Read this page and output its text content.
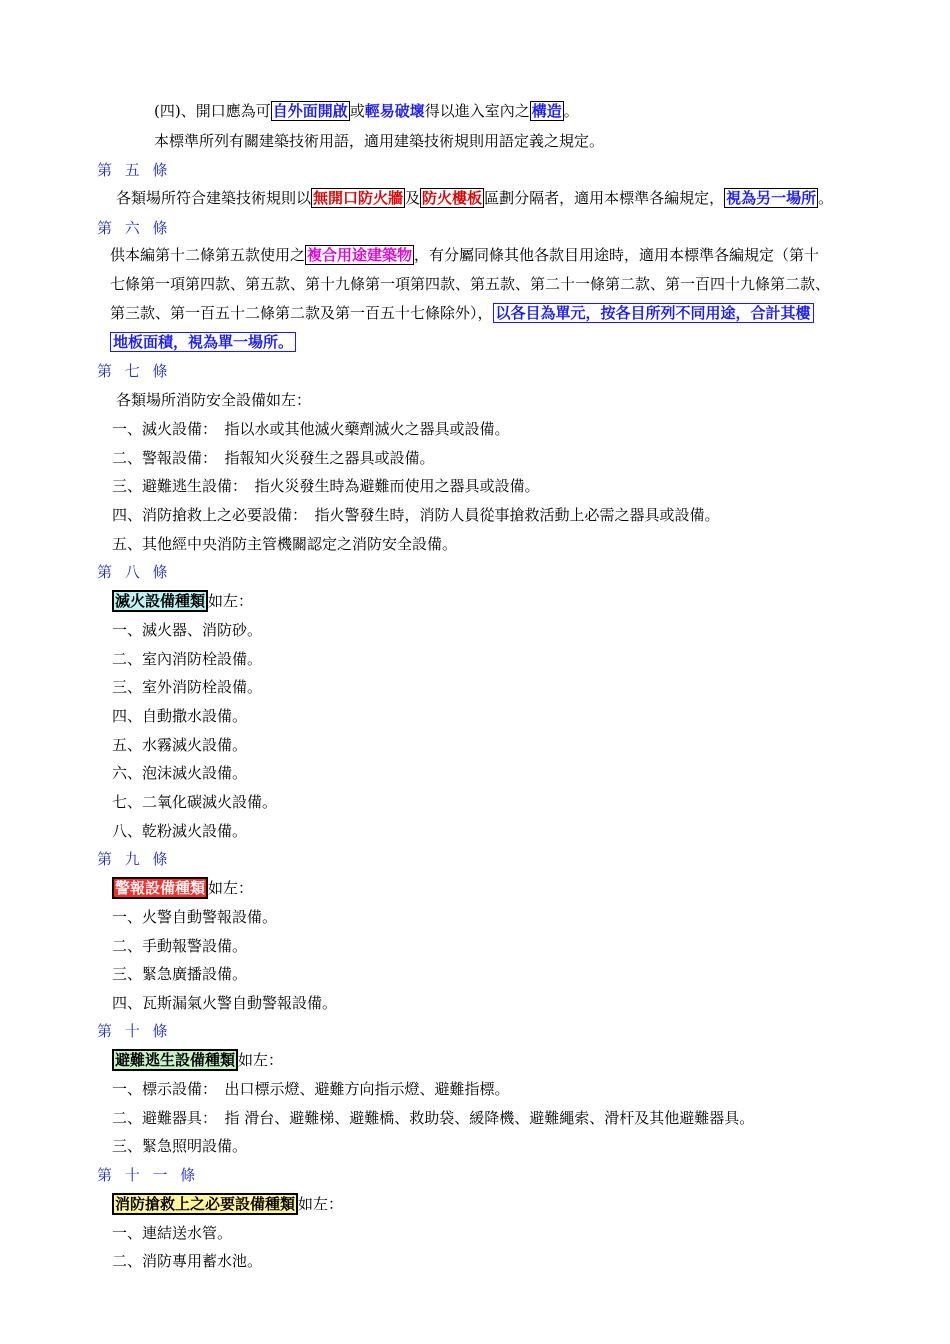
(四)、開口應為可 自外面開啟 或輕易破壞得以進入室內之 構造 。
本標準所列有關建築技術用語，適用建築技術規則用語定義之規定。
第 五 條
各類場所符合建築技術規則以 無開口防火牆 及 防火樓板 區劃分隔者，適用本標準各編規定， 視為另一場所 。
第 六 條
供本編第十二條第五款使用之 複合用途建築物 ，有分屬同條其他各款目用途時，適用本標準各編規定（第十
七條第一項第四款、第五款、第十九條第一項第四款、第五款、第二十一條第二款、第一百四十九條第二款、
第三款、第一百五十二條第二款及第一百五十七條除外）， 以各目為單元，按各目所列不同用途，合計其樓
地板面積，視為單一場所。
第 七 條
各類場所消防安全設備如左：
一、滅火設備：　指以水或其他滅火藥劑滅火之器具或設備。
二、警報設備：　指報知火災發生之器具或設備。
三、避難逃生設備：　指火災發生時為避難而使用之器具或設備。
四、消防搶救上之必要設備：　指火警發生時，消防人員從事搶救活動上必需之器具或設備。
五、其他經中央消防主管機關認定之消防安全設備。
第 八 條
滅火設備種類 如左：
一、滅火器、消防砂。
二、室內消防栓設備。
三、室外消防栓設備。
四、自動撒水設備。
五、水霧滅火設備。
六、泡沫滅火設備。
七、二氧化碳滅火設備。
八、乾粉滅火設備。
第 九 條
警報設備種類 如左：
一、火警自動警報設備。
二、手動報警設備。
三、緊急廣播設備。
四、瓦斯漏氣火警自動警報設備。
第 十 條
避難逃生設備種類 如左：
一、標示設備：　出口標示燈、避難方向指示燈、避難指標。
二、避難器具：　指 滑台、避難梯、避難橋、救助袋、緩降機、避難繩索、滑杆及其他避難器具。
三、緊急照明設備。
第 十 一 條
消防搶救上之必要設備種類 如左：
一、連結送水管。
二、消防專用蓄水池。
